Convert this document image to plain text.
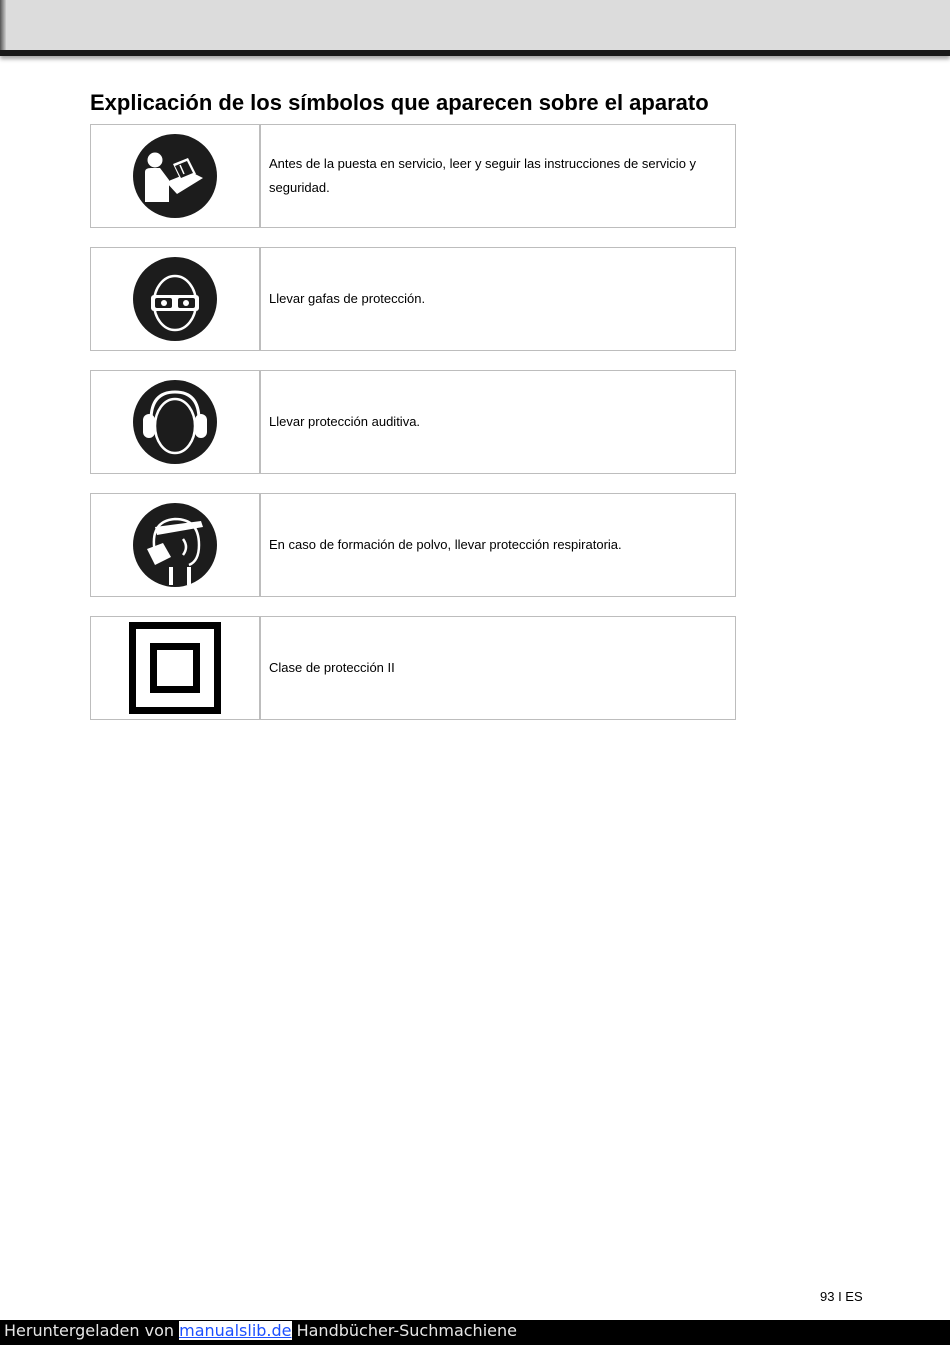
Explicación de los símbolos que aparecen sobre el aparato
Antes de la puesta en servicio, leer y seguir las instrucciones de servicio y seguridad.
Llevar gafas de protección.
Llevar protección auditiva.
En caso de formación de polvo, llevar protección respiratoria.
Clase de protección II
93 I ES
Heruntergeladen von manualslib.de Handbücher-Suchmachiene
